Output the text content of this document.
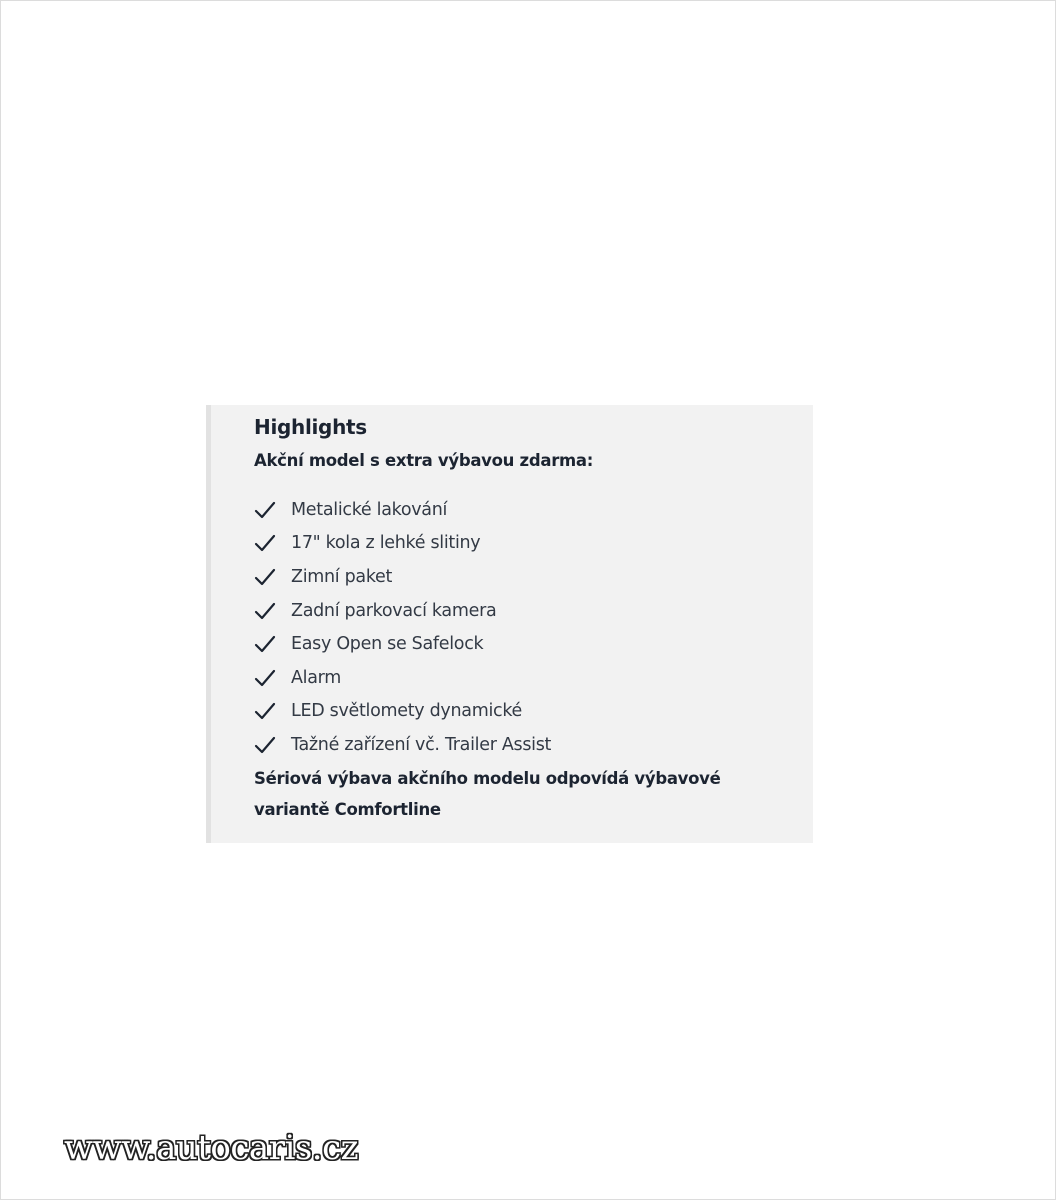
Highlights
Akční model s extra výbavou zdarma:
Metalické lakování
17" kola z lehké slitiny
Zimní paket
Zadní parkovací kamera
Easy Open se Safelock
Alarm
LED světlomety dynamické
Tažné zařízení vč. Trailer Assist

Sériová výbava akčního modelu odpovídá výbavové variantě Comfortline

www.autocaris.cz
